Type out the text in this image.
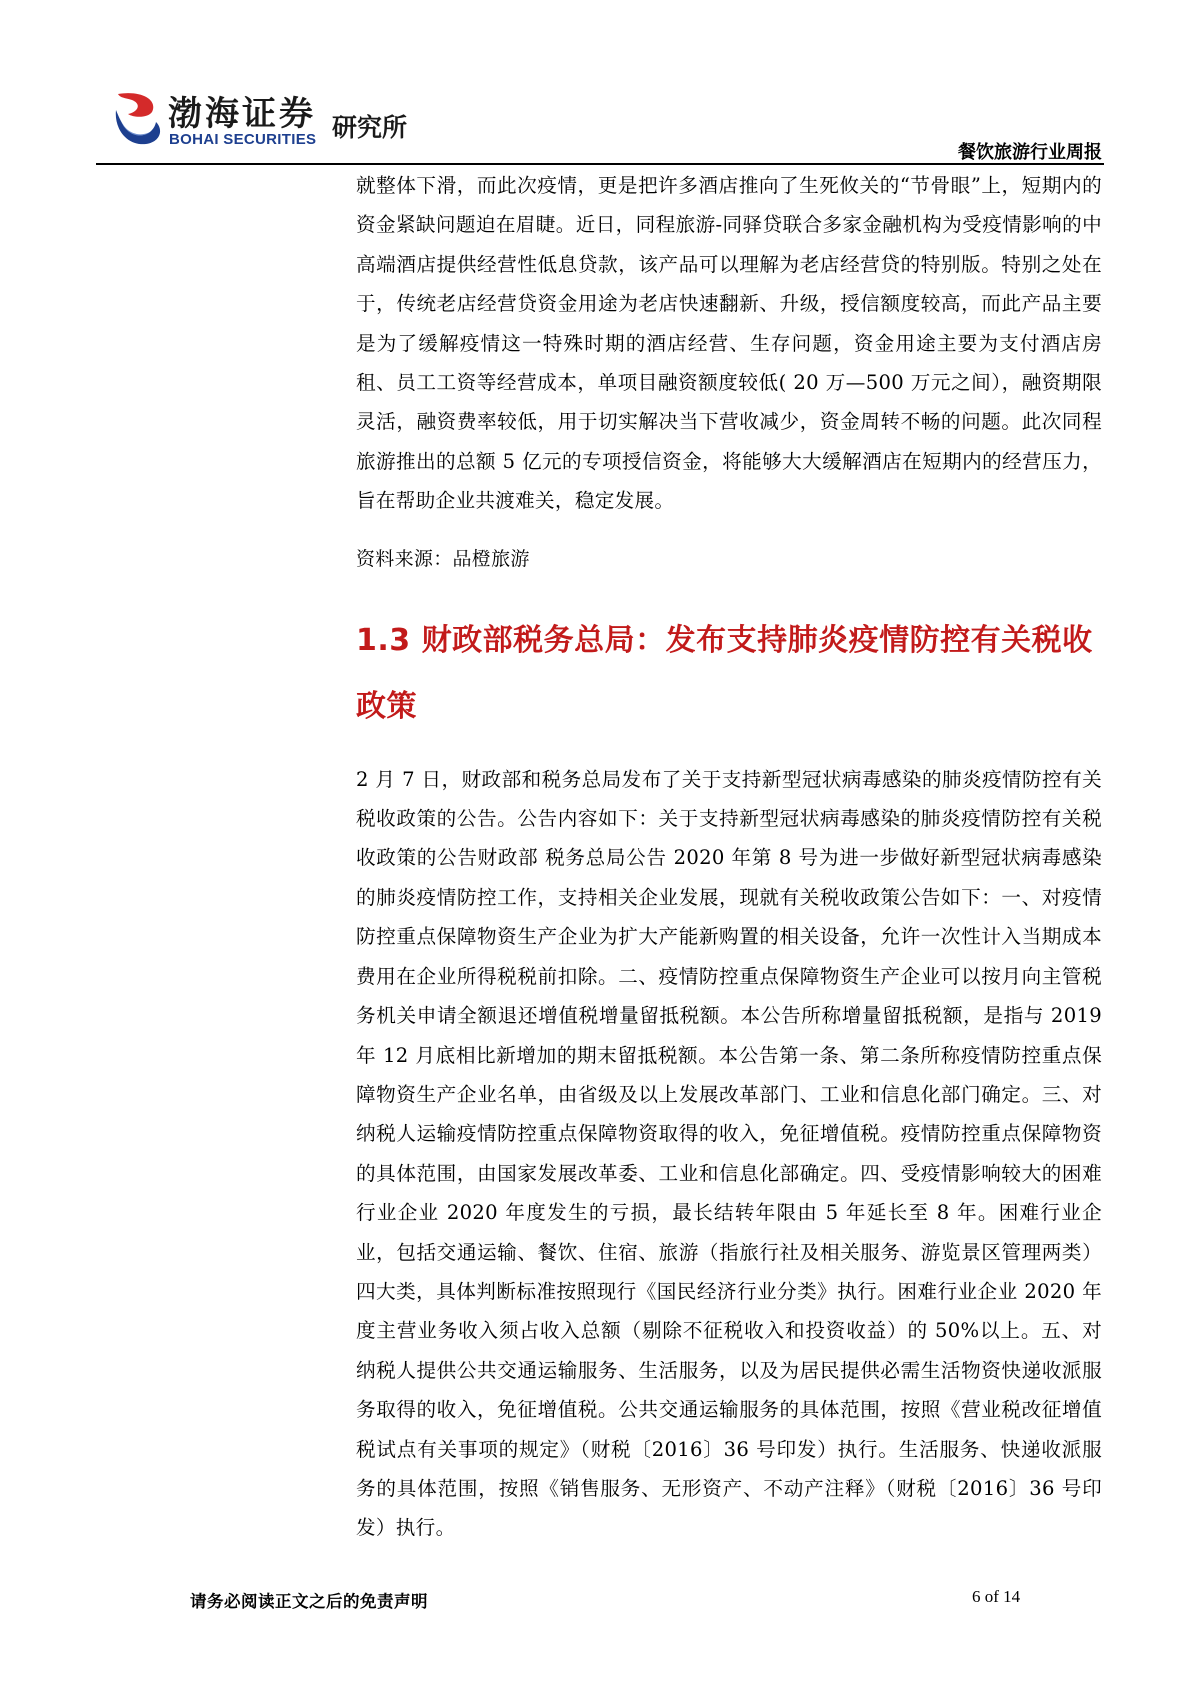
渤海证券
BOHAI SECURITIES 研究所
餐饮旅游行业周报

就整体下滑，而此次疫情，更是把许多酒店推向了生死攸关的“节骨眼”上，短期内的资金紧缺问题迫在眉睫。近日，同程旅游-同驿贷联合多家金融机构为受疫情影响的中高端酒店提供经营性低息贷款，该产品可以理解为老店经营贷的特别版。特别之处在于，传统老店经营贷资金用途为老店快速翻新、升级，授信额度较高，而此产品主要是为了缓解疫情这一特殊时期的酒店经营、生存问题，资金用途主要为支付酒店房租、员工工资等经营成本，单项目融资额度较低( 20 万—500 万元之间），融资期限灵活，融资费率较低，用于切实解决当下营收减少，资金周转不畅的问题。此次同程旅游推出的总额 5 亿元的专项授信资金，将能够大大缓解酒店在短期内的经营压力，旨在帮助企业共渡难关，稳定发展。

资料来源：品橙旅游

1.3 财政部税务总局：发布支持肺炎疫情防控有关税收政策

2 月 7 日，财政部和税务总局发布了关于支持新型冠状病毒感染的肺炎疫情防控有关税收政策的公告。公告内容如下：关于支持新型冠状病毒感染的肺炎疫情防控有关税收政策的公告财政部 税务总局公告 2020 年第 8 号为进一步做好新型冠状病毒感染的肺炎疫情防控工作，支持相关企业发展，现就有关税收政策公告如下：一、对疫情防控重点保障物资生产企业为扩大产能新购置的相关设备，允许一次性计入当期成本费用在企业所得税税前扣除。二、疫情防控重点保障物资生产企业可以按月向主管税务机关申请全额退还增值税增量留抵税额。本公告所称增量留抵税额，是指与 2019 年 12 月底相比新增加的期末留抵税额。本公告第一条、第二条所称疫情防控重点保障物资生产企业名单，由省级及以上发展改革部门、工业和信息化部门确定。三、对纳税人运输疫情防控重点保障物资取得的收入，免征增值税。疫情防控重点保障物资的具体范围，由国家发展改革委、工业和信息化部确定。四、受疫情影响较大的困难行业企业 2020 年度发生的亏损，最长结转年限由 5 年延长至 8 年。困难行业企业，包括交通运输、餐饮、住宿、旅游（指旅行社及相关服务、游览景区管理两类）四大类，具体判断标准按照现行《国民经济行业分类》执行。困难行业企业 2020 年度主营业务收入须占收入总额（剔除不征税收入和投资收益）的 50%以上。五、对纳税人提供公共交通运输服务、生活服务，以及为居民提供必需生活物资快递收派服务取得的收入，免征增值税。公共交通运输服务的具体范围，按照《营业税改征增值税试点有关事项的规定》（财税〔2016〕36 号印发）执行。生活服务、快递收派服务的具体范围，按照《销售服务、无形资产、不动产注释》（财税〔2016〕36 号印发）执行。

请务必阅读正文之后的免责声明	6 of 14
